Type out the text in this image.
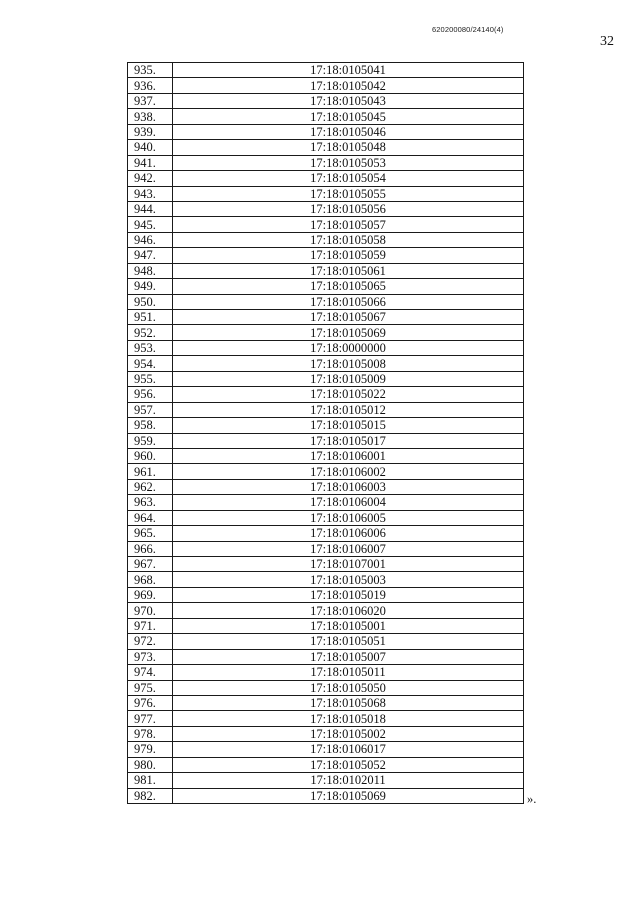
620200080/24140(4)
32
935.	17:18:0105041
936.	17:18:0105042
937.	17:18:0105043
938.	17:18:0105045
939.	17:18:0105046
940.	17:18:0105048
941.	17:18:0105053
942.	17:18:0105054
943.	17:18:0105055
944.	17:18:0105056
945.	17:18:0105057
946.	17:18:0105058
947.	17:18:0105059
948.	17:18:0105061
949.	17:18:0105065
950.	17:18:0105066
951.	17:18:0105067
952.	17:18:0105069
953.	17:18:0000000
954.	17:18:0105008
955.	17:18:0105009
956.	17:18:0105022
957.	17:18:0105012
958.	17:18:0105015
959.	17:18:0105017
960.	17:18:0106001
961.	17:18:0106002
962.	17:18:0106003
963.	17:18:0106004
964.	17:18:0106005
965.	17:18:0106006
966.	17:18:0106007
967.	17:18:0107001
968.	17:18:0105003
969.	17:18:0105019
970.	17:18:0106020
971.	17:18:0105001
972.	17:18:0105051
973.	17:18:0105007
974.	17:18:0105011
975.	17:18:0105050
976.	17:18:0105068
977.	17:18:0105018
978.	17:18:0105002
979.	17:18:0106017
980.	17:18:0105052
981.	17:18:0102011
982.	17:18:0105069	».
